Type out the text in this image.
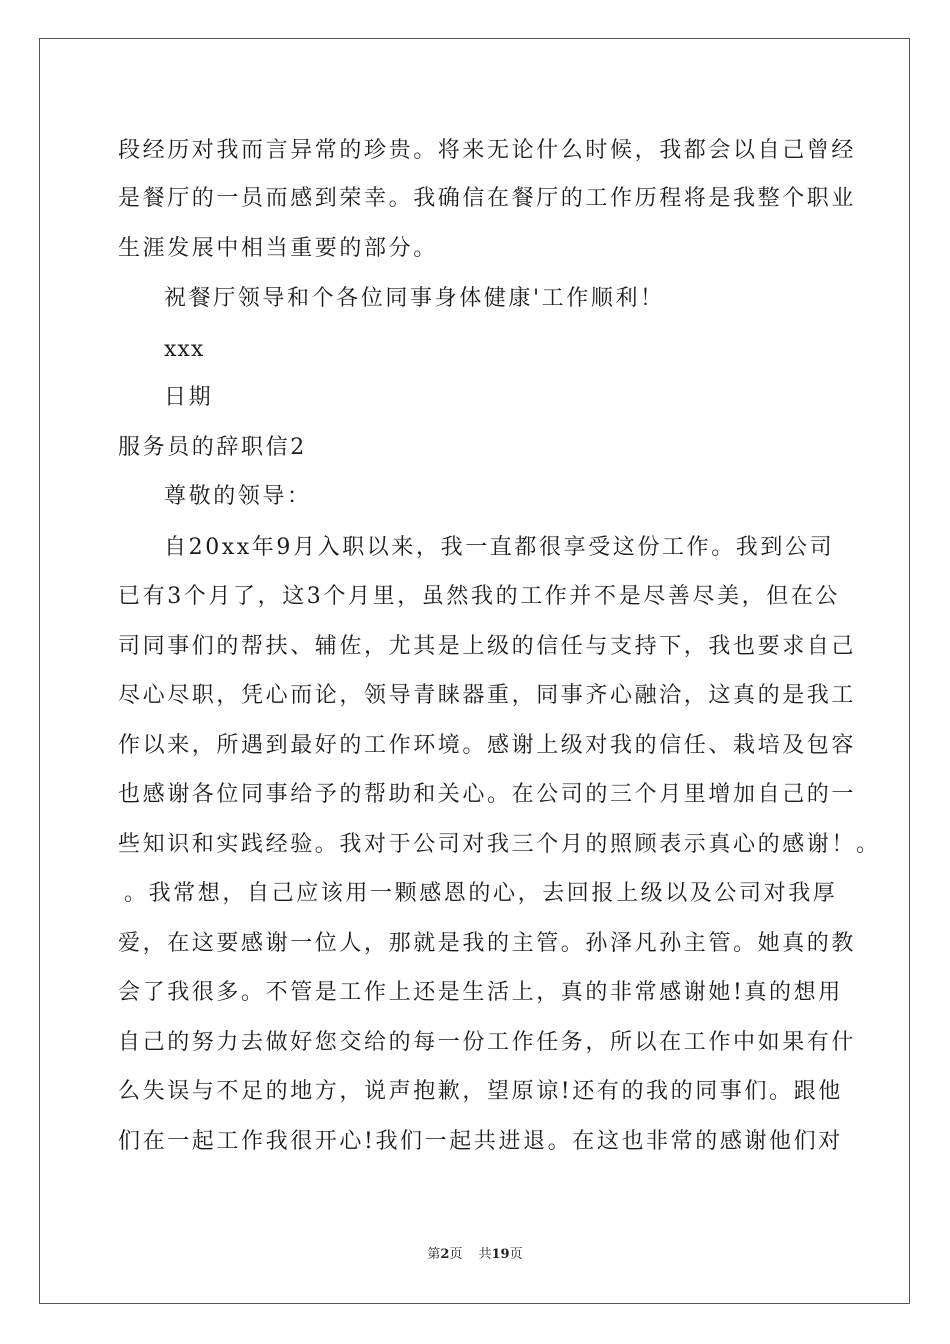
段经历对我而言异常的珍贵。将来无论什么时候，我都会以自己曾经
是餐厅的一员而感到荣幸。我确信在餐厅的工作历程将是我整个职业
生涯发展中相当重要的部分。
祝餐厅领导和个各位同事身体健康'工作顺利！
xxx
日期
服务员的辞职信2
尊敬的领导：
自20xx年9月入职以来，我一直都很享受这份工作。我到公司
已有3个月了，这3个月里，虽然我的工作并不是尽善尽美，但在公
司同事们的帮扶、辅佐，尤其是上级的信任与支持下，我也要求自己
尽心尽职，凭心而论，领导青睐器重，同事齐心融洽，这真的是我工
作以来，所遇到最好的工作环境。感谢上级对我的信任、栽培及包容
也感谢各位同事给予的帮助和关心。在公司的三个月里增加自己的一
些知识和实践经验。我对于公司对我三个月的照顾表示真心的感谢！。
。我常想，自己应该用一颗感恩的心，去回报上级以及公司对我厚
爱，在这要感谢一位人，那就是我的主管。孙泽凡孙主管。她真的教
会了我很多。不管是工作上还是生活上，真的非常感谢她!真的想用
自己的努力去做好您交给的每一份工作任务，所以在工作中如果有什
么失误与不足的地方，说声抱歉，望原谅!还有的我的同事们。跟他
们在一起工作我很开心!我们一起共进退。在这也非常的感谢他们对
第2页 共19页
